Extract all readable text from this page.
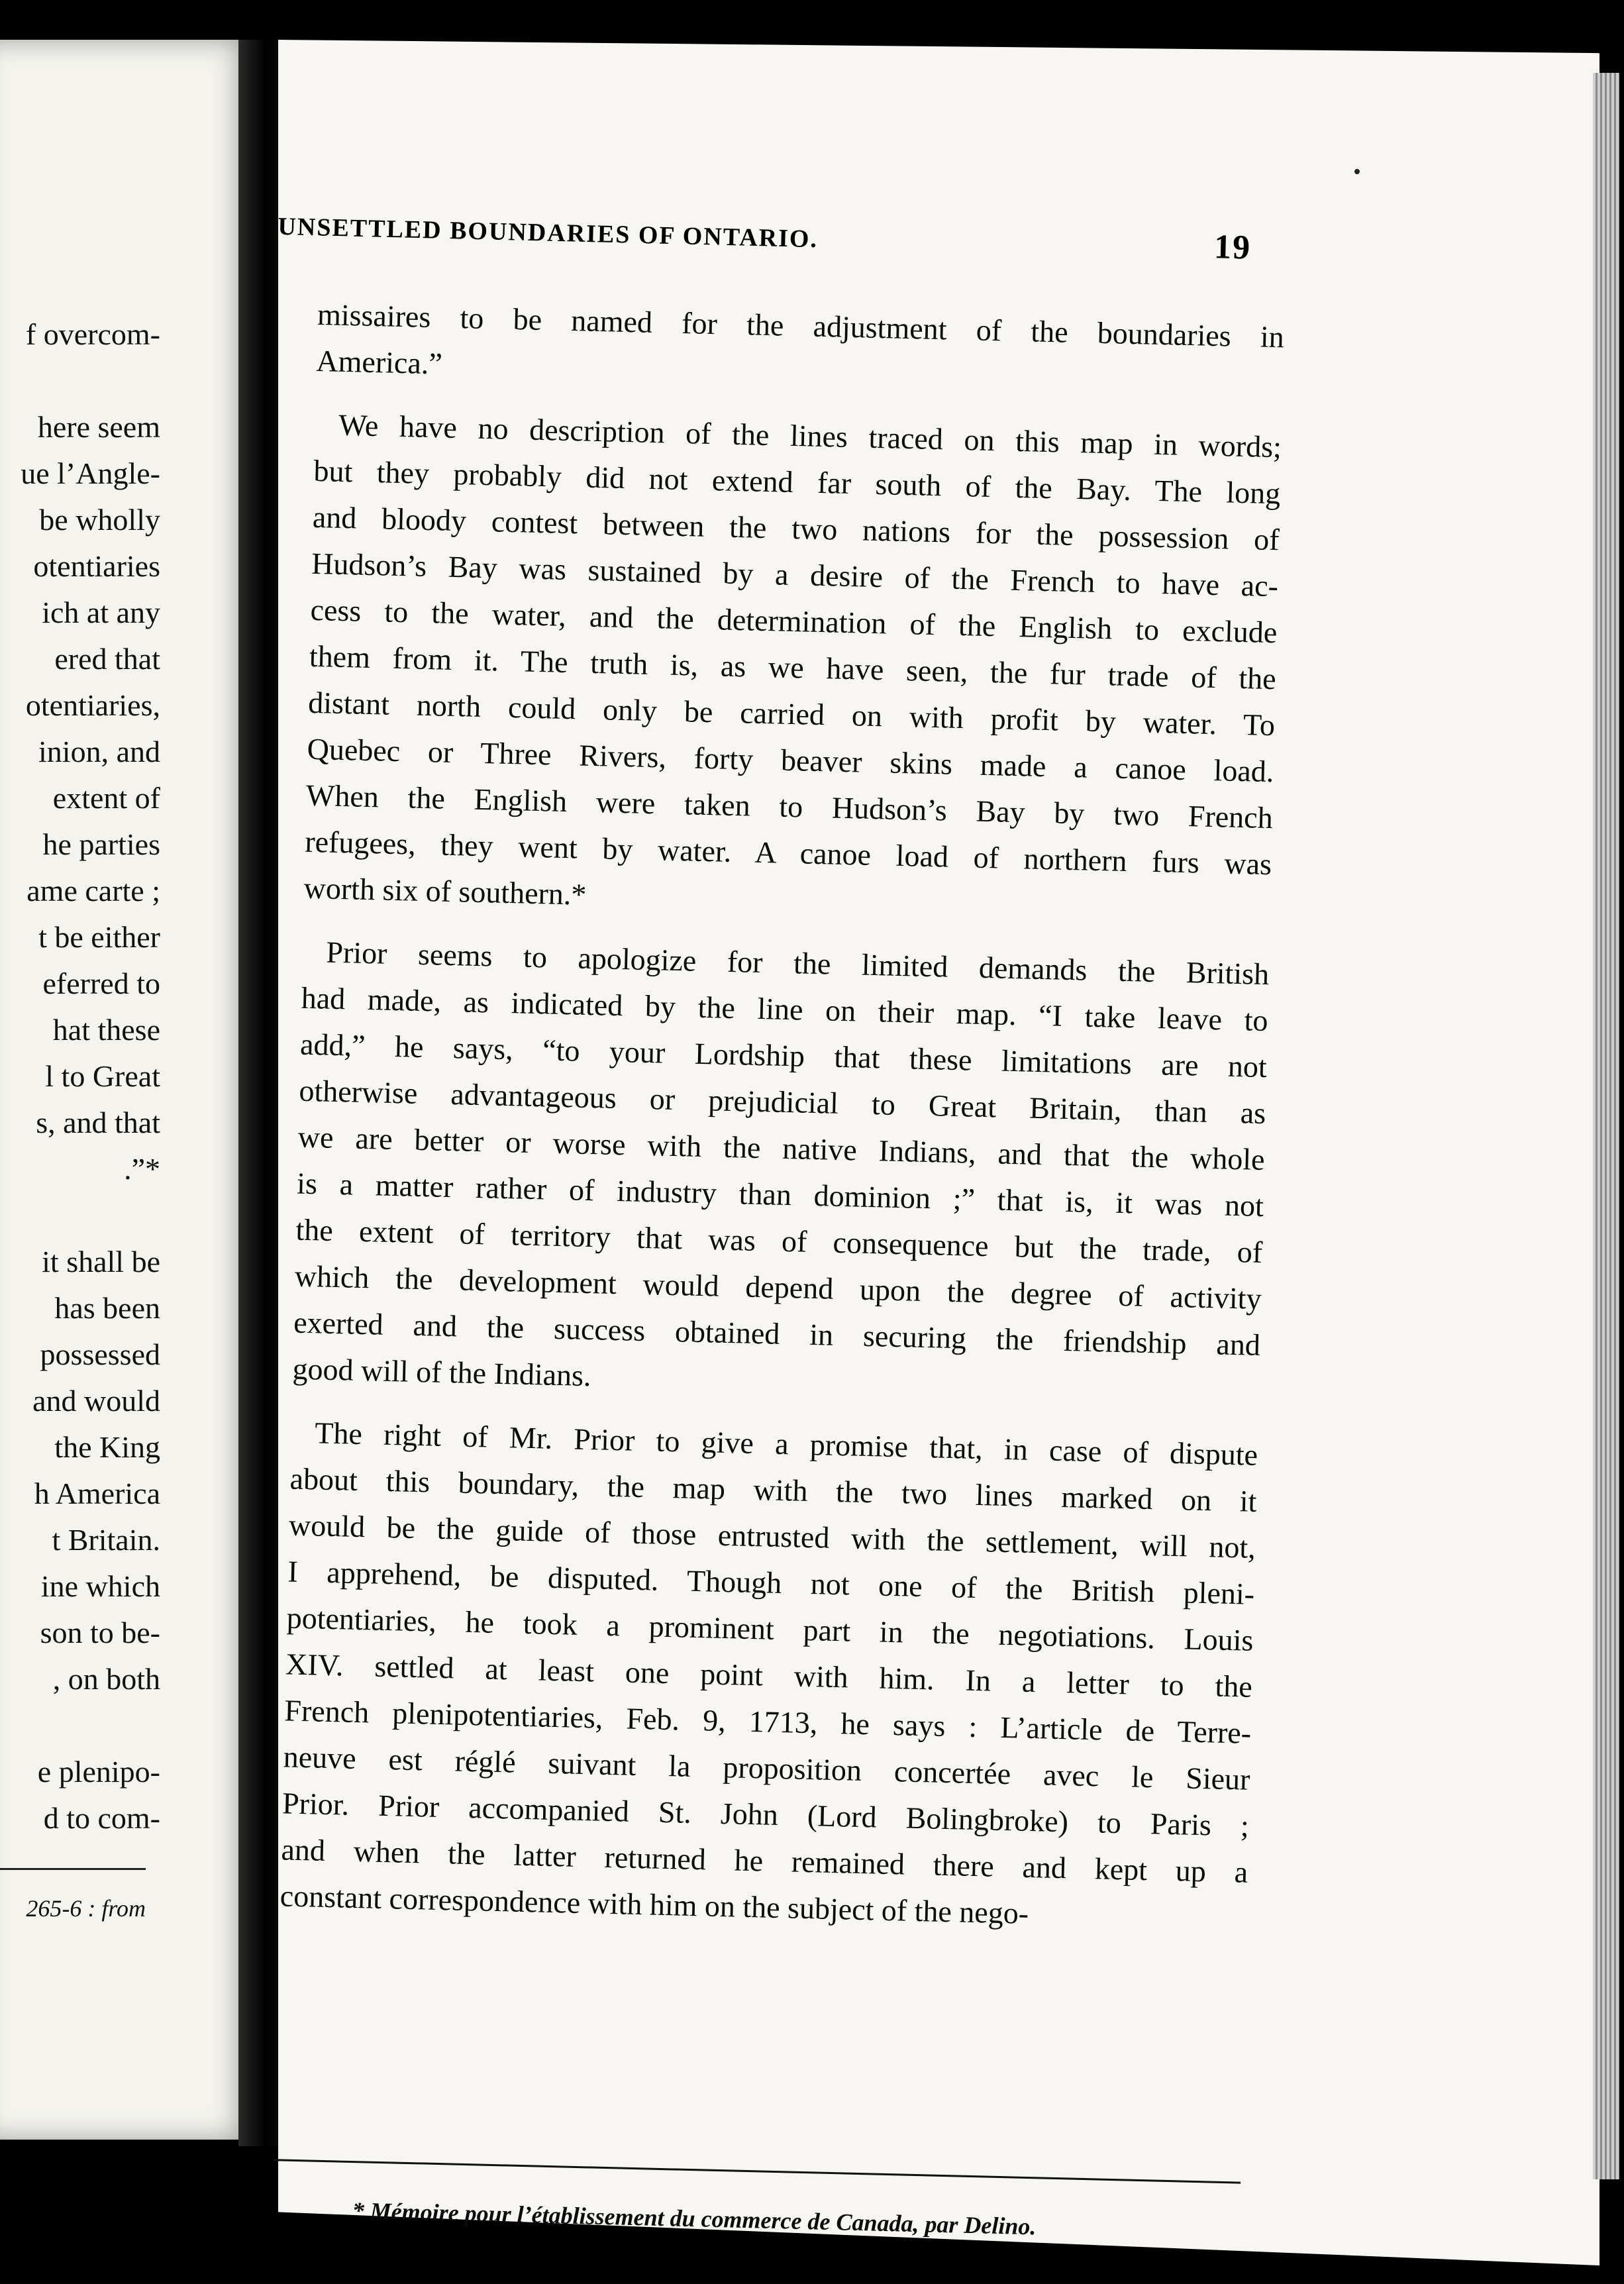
f overcom-
here seem
ue l’Angle-
be wholly
otentiaries
ich at any
ered that
otentiaries,
inion, and
extent of
he parties
ame carte ;
t be either
eferred to
hat these
l to Great
s, and that
.”*
it shall be
has been
possessed
and would
the King
h America
t Britain.
ine which
son to be-
, on both
e plenipo-
d to com-
265-6 : from
UNSETTLED BOUNDARIES OF ONTARIO.	19
missaires to be named for the adjustment of the boundaries in
America.”
We have no description of the lines traced on this map in words;
but they probably did not extend far south of the Bay. The long
and bloody contest between the two nations for the possession of
Hudson’s Bay was sustained by a desire of the French to have ac-
cess to the water, and the determination of the English to exclude
them from it. The truth is, as we have seen, the fur trade of the
distant north could only be carried on with profit by water. To
Quebec or Three Rivers, forty beaver skins made a canoe load.
When the English were taken to Hudson’s Bay by two French
refugees, they went by water. A canoe load of northern furs was
worth six of southern.*
Prior seems to apologize for the limited demands the British
had made, as indicated by the line on their map. “I take leave to
add,” he says, “to your Lordship that these limitations are not
otherwise advantageous or prejudicial to Great Britain, than as
we are better or worse with the native Indians, and that the whole
is a matter rather of industry than dominion ;” that is, it was not
the extent of territory that was of consequence but the trade, of
which the development would depend upon the degree of activity
exerted and the success obtained in securing the friendship and
good will of the Indians.
The right of Mr. Prior to give a promise that, in case of dispute
about this boundary, the map with the two lines marked on it
would be the guide of those entrusted with the settlement, will not,
I apprehend, be disputed. Though not one of the British pleni-
potentiaries, he took a prominent part in the negotiations. Louis
XIV. settled at least one point with him. In a letter to the
French plenipotentiaries, Feb. 9, 1713, he says : L’article de Terre-
neuve est réglé suivant la proposition concertée avec le Sieur
Prior. Prior accompanied St. John (Lord Bolingbroke) to Paris ;
and when the latter returned he remained there and kept up a
constant correspondence with him on the subject of the nego-
* Mémoire pour l’établissement du commerce de Canada, par Delino.
